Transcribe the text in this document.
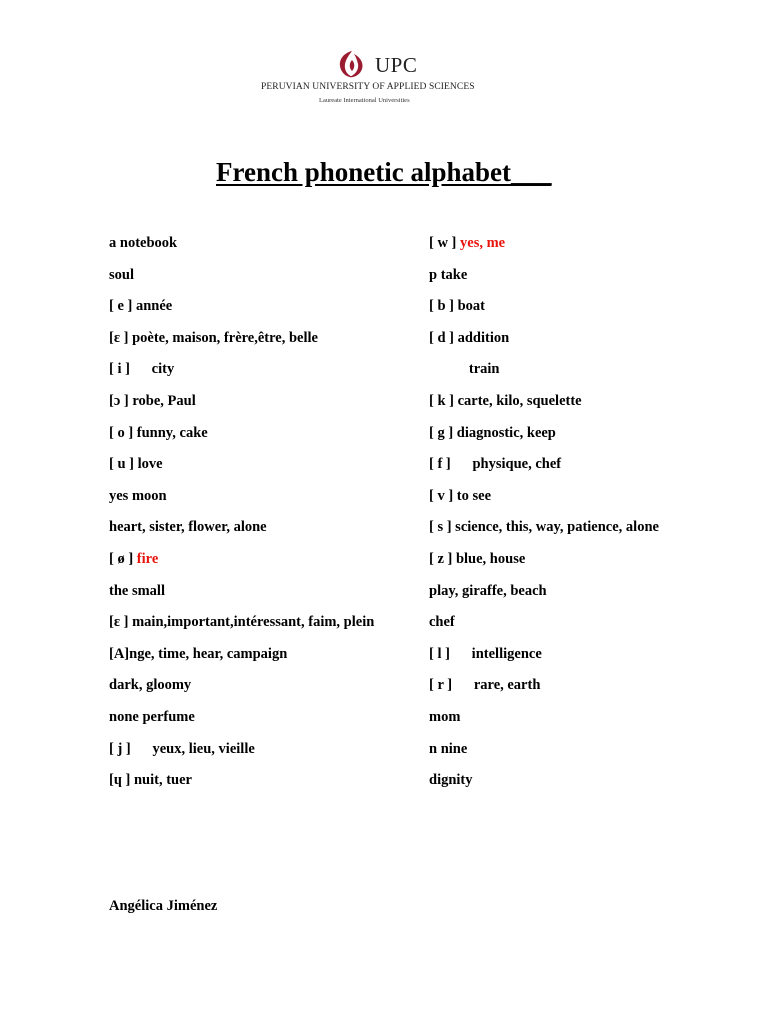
UPC
PERUVIAN UNIVERSITY OF APPLIED SCIENCES
Laureate International Universities
French phonetic alphabet___
a notebook
soul
[ e ] année
[ɛ ] poète, maison, frère,être, belle
[ i ]      city
[ɔ ] robe, Paul
[ o ] funny, cake
[ u ] love
yes moon
heart, sister, flower, alone
[ ø ] fire
the small
[ɛ ] main,important,intéressant, faim, plein
[A]nge, time, hear, campaign
dark, gloomy
none perfume
[ j ]      yeux, lieu, vieille
[ɥ ] nuit, tuer
[ w ] yes, me
p take
[ b ] boat
[ d ] addition
train
[ k ] carte, kilo, squelette
[ g ] diagnostic, keep
[ f ]      physique, chef
[ v ] to see
[ s ] science, this, way, patience, alone
[ z ] blue, house
play, giraffe, beach
chef
[ l ]      intelligence
[ r ]      rare, earth
mom
n nine
dignity
Angélica Jiménez
